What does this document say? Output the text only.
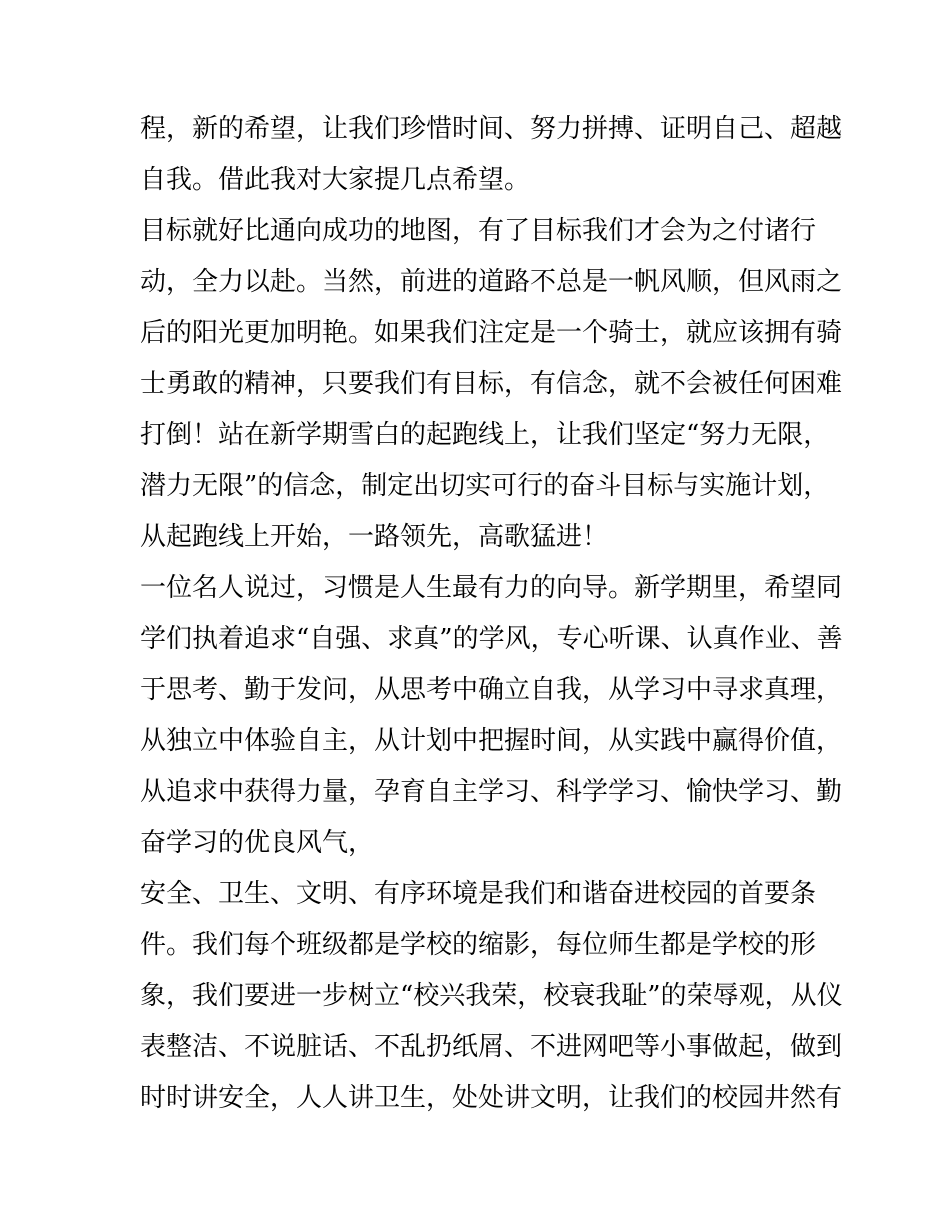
程，新的希望，让我们珍惜时间、努力拼搏、证明自己、超越
自我。借此我对大家提几点希望。
目标就好比通向成功的地图，有了目标我们才会为之付诸行
动，全力以赴。当然，前进的道路不总是一帆风顺，但风雨之
后的阳光更加明艳。如果我们注定是一个骑士，就应该拥有骑
士勇敢的精神，只要我们有目标，有信念，就不会被任何困难
打倒！站在新学期雪白的起跑线上，让我们坚定“努力无限，
潜力无限”的信念，制定出切实可行的奋斗目标与实施计划，
从起跑线上开始，一路领先，高歌猛进！
一位名人说过，习惯是人生最有力的向导。新学期里，希望同
学们执着追求“自强、求真”的学风，专心听课、认真作业、善
于思考、勤于发问，从思考中确立自我，从学习中寻求真理，
从独立中体验自主，从计划中把握时间，从实践中赢得价值，
从追求中获得力量，孕育自主学习、科学学习、愉快学习、勤
奋学习的优良风气，
安全、卫生、文明、有序环境是我们和谐奋进校园的首要条
件。我们每个班级都是学校的缩影，每位师生都是学校的形
象，我们要进一步树立“校兴我荣，校衰我耻”的荣辱观，从仪
表整洁、不说脏话、不乱扔纸屑、不进网吧等小事做起，做到
时时讲安全，人人讲卫生，处处讲文明，让我们的校园井然有
